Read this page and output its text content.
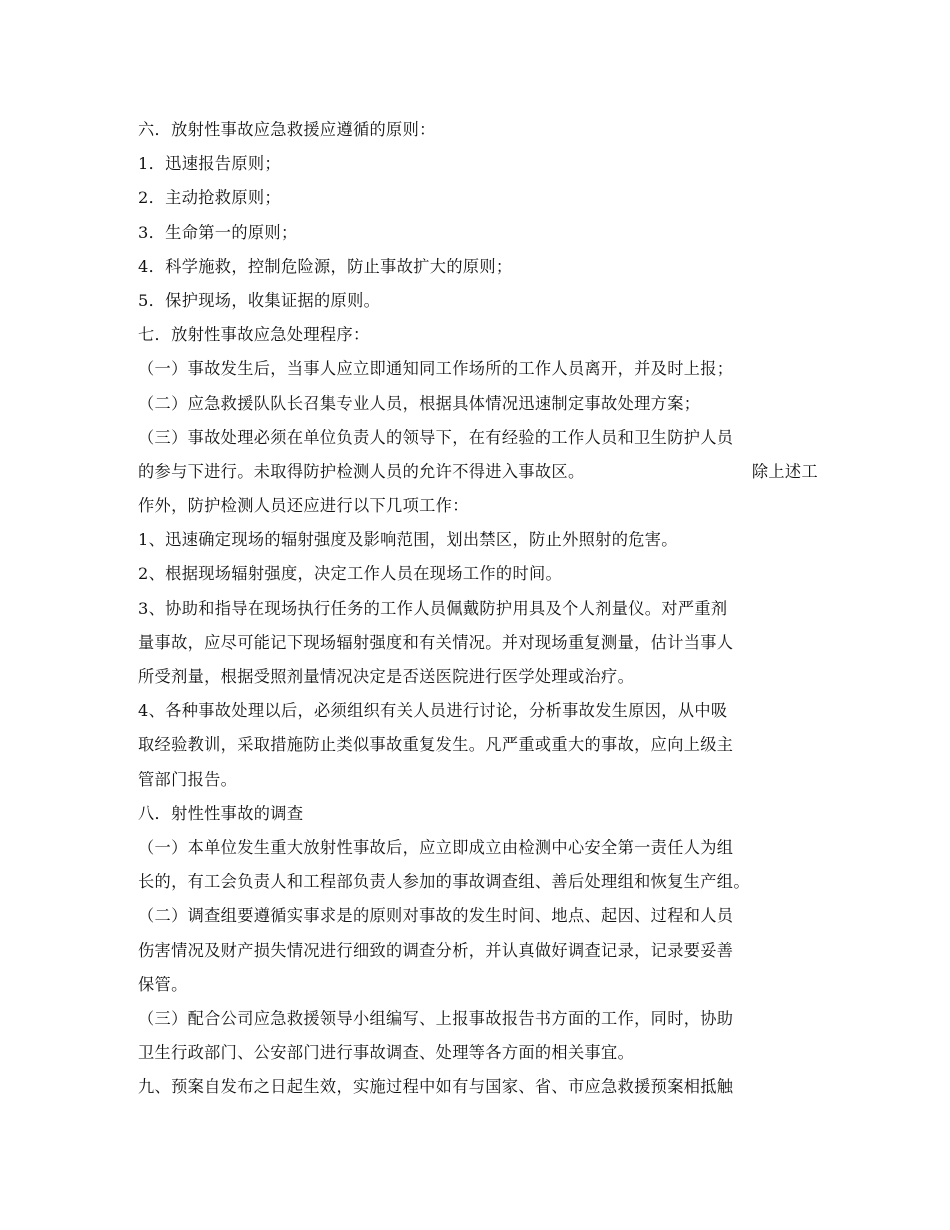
六．放射性事故应急救援应遵循的原则：
1．迅速报告原则；
2．主动抢救原则；
3．生命第一的原则；
4．科学施救，控制危险源，防止事故扩大的原则；
5．保护现场，收集证据的原则。
七．放射性事故应急处理程序：
（一）事故发生后，当事人应立即通知同工作场所的工作人员离开，并及时上报；
（二）应急救援队队长召集专业人员，根据具体情况迅速制定事故处理方案；
（三）事故处理必须在单位负责人的领导下，在有经验的工作人员和卫生防护人员
的参与下进行。未取得防护检测人员的允许不得进入事故区。	除上述工
作外，防护检测人员还应进行以下几项工作：
1、迅速确定现场的辐射强度及影响范围，划出禁区，防止外照射的危害。
2、根据现场辐射强度，决定工作人员在现场工作的时间。
3、协助和指导在现场执行任务的工作人员佩戴防护用具及个人剂量仪。对严重剂
量事故，应尽可能记下现场辐射强度和有关情况。并对现场重复测量，估计当事人
所受剂量，根据受照剂量情况决定是否送医院进行医学处理或治疗。
4、各种事故处理以后，必须组织有关人员进行讨论，分析事故发生原因，从中吸
取经验教训，采取措施防止类似事故重复发生。凡严重或重大的事故，应向上级主
管部门报告。
八．射性性事故的调查
（一）本单位发生重大放射性事故后，应立即成立由检测中心安全第一责任人为组
长的，有工会负责人和工程部负责人参加的事故调查组、善后处理组和恢复生产组。
（二）调查组要遵循实事求是的原则对事故的发生时间、地点、起因、过程和人员
伤害情况及财产损失情况进行细致的调查分析，并认真做好调查记录，记录要妥善
保管。
（三）配合公司应急救援领导小组编写、上报事故报告书方面的工作，同时，协助
卫生行政部门、公安部门进行事故调查、处理等各方面的相关事宜。
九、预案自发布之日起生效，实施过程中如有与国家、省、市应急救援预案相抵触
